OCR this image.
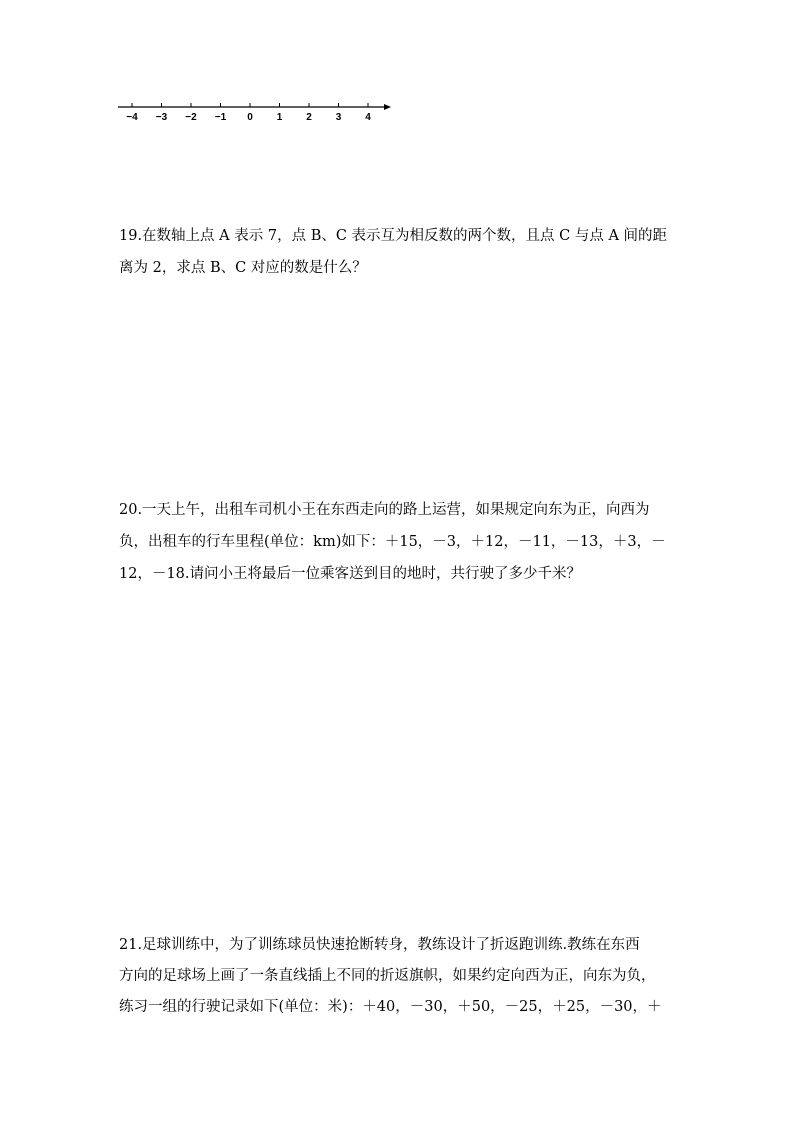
−4 −3 −2 −1 0 1 2 3 4
19.在数轴上点 A 表示 7，点 B、C 表示互为相反数的两个数，且点 C 与点 A 间的距
离为 2，求点 B、C 对应的数是什么？
20.一天上午，出租车司机小王在东西走向的路上运营，如果规定向东为正，向西为
负，出租车的行车里程(单位：km)如下：＋15，－3，＋12，－11，－13，＋3，－
12，－18.请问小王将最后一位乘客送到目的地时，共行驶了多少千米？
21.足球训练中，为了训练球员快速抢断转身，教练设计了折返跑训练.教练在东西
方向的足球场上画了一条直线插上不同的折返旗帜，如果约定向西为正，向东为负，
练习一组的行驶记录如下(单位：米)：＋40，－30，＋50，－25，＋25，－30，＋
